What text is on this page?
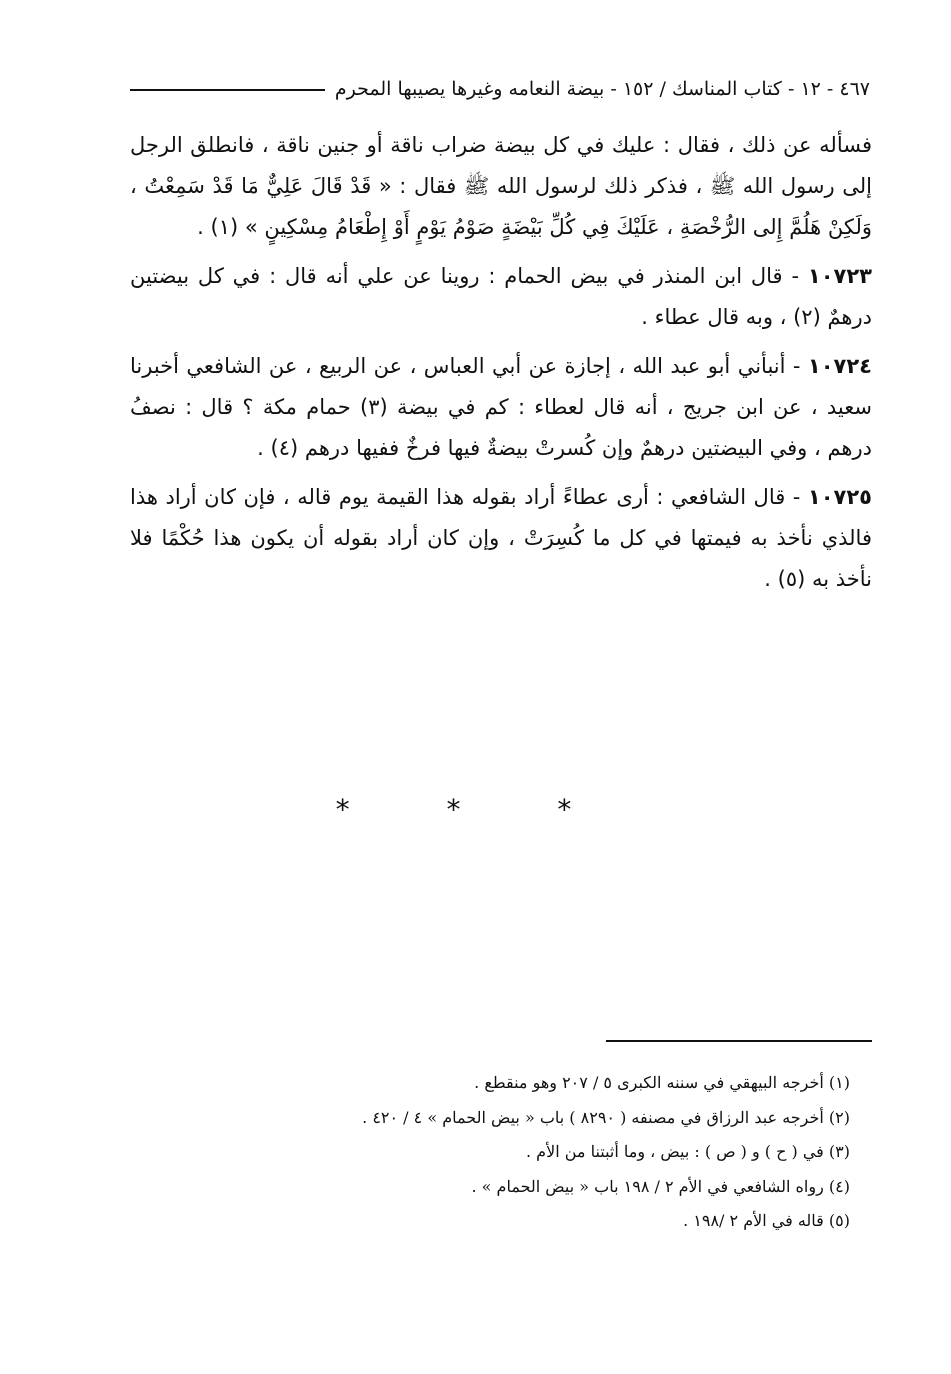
٤٦٧ - ١٢ - كتاب المناسك / ١٥٢ - بيضة النعامه وغيرها يصيبها المحرم

فسأله عن ذلك ، فقال : عليك في كل بيضة ضراب ناقة أو جنين ناقة ، فانطلق الرجل إلى رسول الله ﷺ ، فذكر ذلك لرسول الله ﷺ فقال : « قَدْ قَالَ عَلِيٌّ مَا قَدْ سَمِعْتُ ، وَلَكِنْ هَلُمَّ إِلى الرُّخْصَةِ ، عَلَيْكَ فِي كُلِّ بَيْضَةٍ صَوْمُ يَوْمٍ أَوْ إِطْعَامُ مِسْكِينٍ » (١) .

١٠٧٢٣ - قال ابن المنذر في بيض الحمام : روينا عن علي أنه قال : في كل بيضتين درهمٌ (٢) ، وبه قال عطاء .

١٠٧٢٤ - أنبأني أبو عبد الله ، إجازة عن أبي العباس ، عن الربيع ، عن الشافعي أخبرنا سعيد ، عن ابن جريج ، أنه قال لعطاء : كم في بيضة (٣) حمام مكة ؟ قال : نصفُ درهم ، وفي البيضتين درهمٌ وإن كُسرتْ بيضةٌ فيها فرخٌ ففيها درهم (٤) .

١٠٧٢٥ - قال الشافعي : أرى عطاءً أراد بقوله هذا القيمة يوم قاله ، فإن كان أراد هذا فالذي نأخذ به فيمتها في كل ما كُسِرَتْ ، وإن كان أراد بقوله أن يكون هذا حُكْمًا فلا نأخذ به (٥) .

* * *
(١) أخرجه البيهقي في سننه الكبرى ٥ / ٢٠٧ وهو منقطع .
(٢) أخرجه عبد الرزاق في مصنفه ( ٨٢٩٠ ) باب « بيض الحمام » ٤ / ٤٢٠ .
(٣) في ( ح ) و ( ص ) : بيض ، وما أثبتنا من الأم .
(٤) رواه الشافعي في الأم ٢ / ١٩٨ باب « بيض الحمام » .
(٥) قاله في الأم ٢ /١٩٨ .
